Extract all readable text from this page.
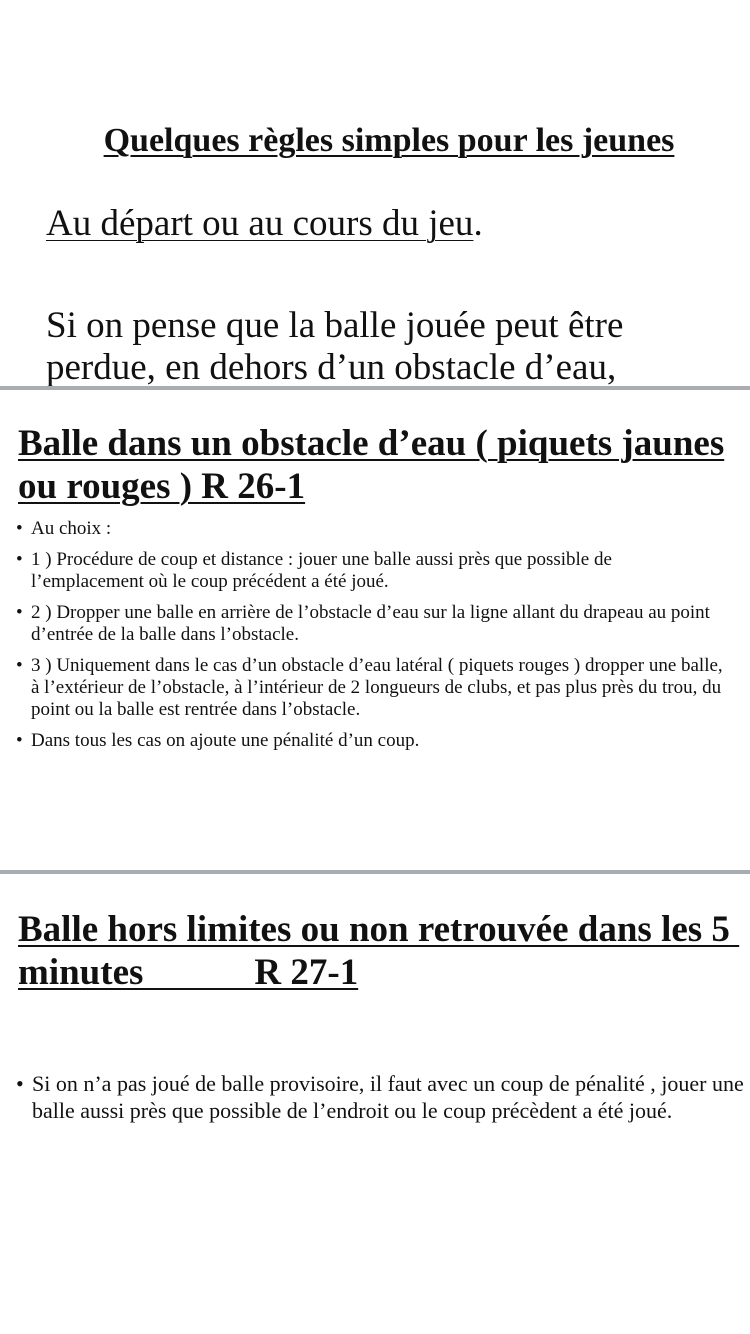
Quelques règles simples pour les jeunes

Au départ ou au cours du jeu.

Si on pense que la balle jouée peut être perdue, en dehors d’un obstacle d’eau,

Balle dans un obstacle d’eau ( piquets jaunes ou rouges ) R 26-1
• Au choix :
• 1 ) Procédure de coup et distance : jouer une balle aussi près que possible de l’emplacement où le coup précédent a été joué.
• 2 ) Dropper une balle en arrière de l’obstacle d’eau sur la ligne allant du drapeau au point d’entrée de la balle dans l’obstacle.
• 3 ) Uniquement dans le cas d’un obstacle d’eau latéral ( piquets rouges ) dropper une balle, à l’extérieur de l’obstacle, à l’intérieur de 2 longueurs de clubs, et pas plus près du trou, du point ou la balle est rentrée dans l’obstacle.
• Dans tous les cas on ajoute une pénalité d’un coup.
Balle hors limites ou non retrouvée dans les 5 minutes            R 27-1
• Si on n’a pas joué de balle provisoire, il faut avec un coup de pénalité , jouer une balle aussi près que possible de l’endroit ou le coup précèdent a été joué.
